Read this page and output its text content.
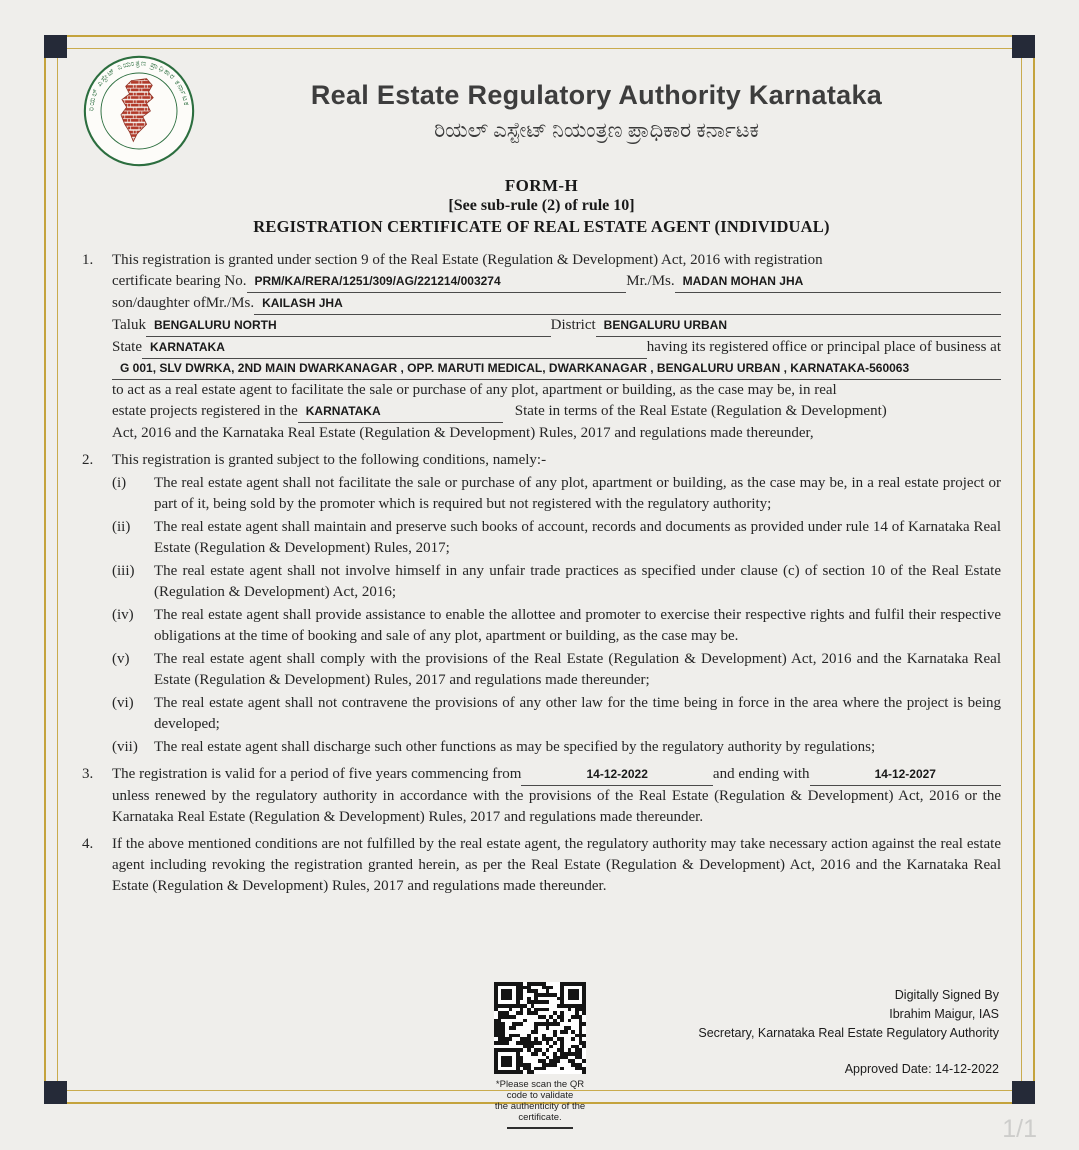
ರಿಯಲ್ ಎಸ್ಟೇಟ್ ನಿಯಂತ್ರಣ ಪ್ರಾಧಿಕಾರ ಕರ್ನಾಟಕ	Real Estate Regulatory Authority Karnataka
ರಿಯಲ್ ಎಸ್ಟೇಟ್ ನಿಯಂತ್ರಣ ಪ್ರಾಧಿಕಾರ ಕರ್ನಾಟಕ
FORM-H
[See sub-rule (2) of rule 10]
REGISTRATION CERTIFICATE OF REAL ESTATE AGENT (INDIVIDUAL)
1.	This registration is granted under section 9 of the Real Estate (Regulation & Development) Act, 2016 with registration
certificate bearing No. PRM/KA/RERA/1251/309/AG/221214/003274	Mr./Ms. MADAN MOHAN JHA
son/daughter ofMr./Ms. KAILASH JHA
Taluk BENGALURU NORTH	District BENGALURU URBAN
State KARNATAKA	having its registered office or principal place of business at
G 001, SLV DWRKA, 2ND MAIN DWARKANAGAR , OPP. MARUTI MEDICAL, DWARKANAGAR , BENGALURU URBAN , KARNATAKA-560063
to act as a real estate agent to facilitate the sale or purchase of any plot, apartment or building, as the case may be, in real
estate projects registered in the KARNATAKA	State in terms of the Real Estate (Regulation & Development)
Act, 2016 and the Karnataka Real Estate (Regulation & Development) Rules, 2017 and regulations made thereunder,
2.	This registration is granted subject to the following conditions, namely:-
(i)	The real estate agent shall not facilitate the sale or purchase of any plot, apartment or building, as the case may be, in a real estate project or part of it, being sold by the promoter which is required but not registered with the regulatory authority;
(ii)	The real estate agent shall maintain and preserve such books of account, records and documents as provided under rule 14 of Karnataka Real Estate (Regulation & Development) Rules, 2017;
(iii)	The real estate agent shall not involve himself in any unfair trade practices as specified under clause (c) of section 10 of the Real Estate (Regulation & Development) Act, 2016;
(iv)	The real estate agent shall provide assistance to enable the allottee and promoter to exercise their respective rights and fulfil their respective obligations at the time of booking and sale of any plot, apartment or building, as the case may be.
(v)	The real estate agent shall comply with the provisions of the Real Estate (Regulation & Development) Act, 2016 and the Karnataka Real Estate (Regulation & Development) Rules, 2017 and regulations made thereunder;
(vi)	The real estate agent shall not contravene the provisions of any other law for the time being in force in the area where the project is being developed;
(vii)	The real estate agent shall discharge such other functions as may be specified by the regulatory authority by regulations;
3.	The registration is valid for a period of five years commencing from	14-12-2022	and ending with	14-12-2027
unless renewed by the regulatory authority in accordance with the provisions of the Real Estate (Regulation & Development) Act, 2016 or the Karnataka Real Estate (Regulation & Development) Rules, 2017 and regulations made thereunder.
4.	If the above mentioned conditions are not fulfilled by the real estate agent, the regulatory authority may take necessary action against the real estate agent including revoking the registration granted herein, as per the Real Estate (Regulation & Development) Act, 2016 and the Karnataka Real Estate (Regulation & Development) Rules, 2017 and regulations made thereunder.
*Please scan the QR code to validate
the authenticity of the certificate.
Digitally Signed By
Ibrahim Maigur, IAS
Secretary, Karnataka Real Estate Regulatory Authority
Approved Date: 14-12-2022
1/1
